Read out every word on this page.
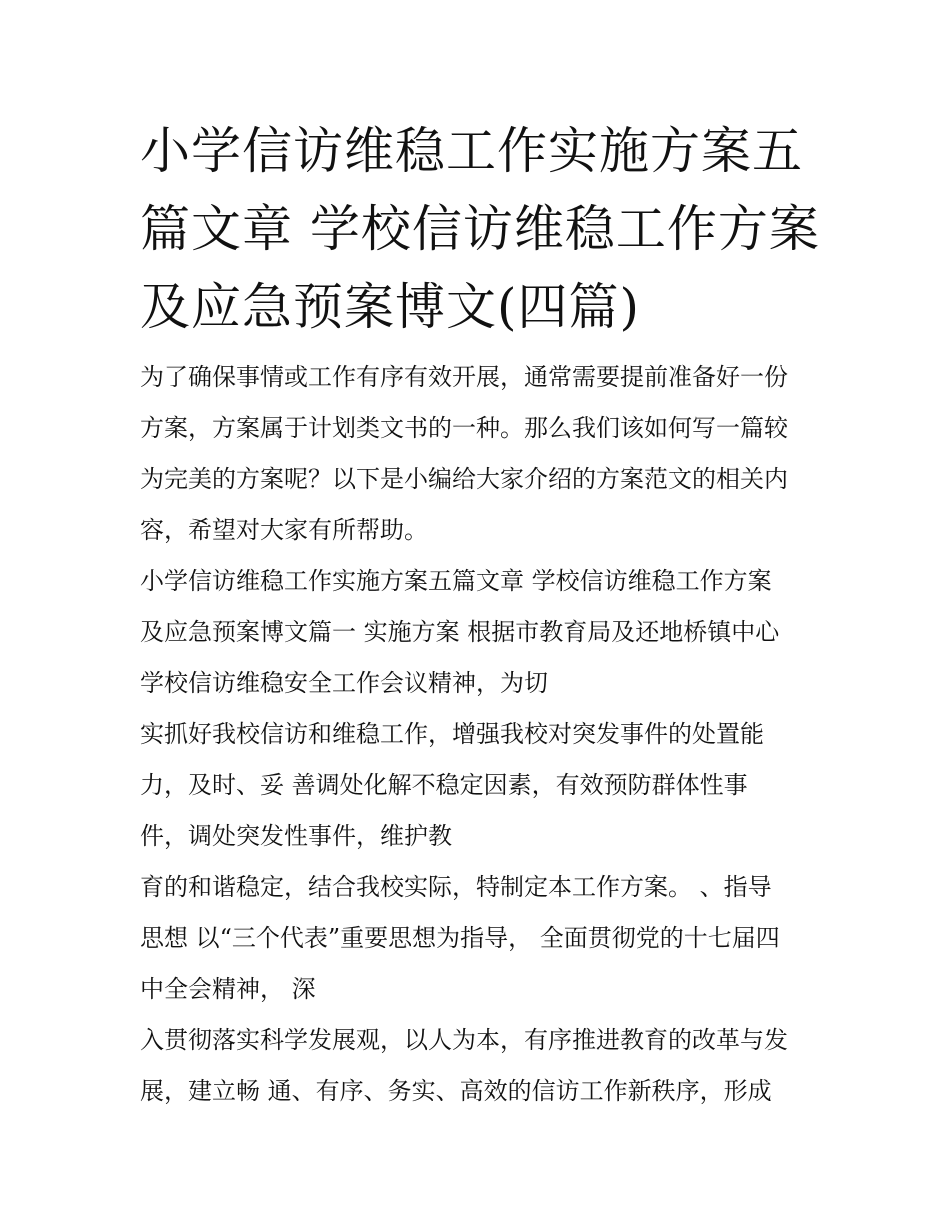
小学信访维稳工作实施方案五
篇文章 学校信访维稳工作方案
及应急预案博文(四篇)
为了确保事情或工作有序有效开展，通常需要提前准备好一份
方案，方案属于计划类文书的一种。那么我们该如何写一篇较
为完美的方案呢？以下是小编给大家介绍的方案范文的相关内
容，希望对大家有所帮助。
小学信访维稳工作实施方案五篇文章 学校信访维稳工作方案
及应急预案博文篇一 实施方案 根据市教育局及还地桥镇中心
学校信访维稳安全工作会议精神，为切
实抓好我校信访和维稳工作，增强我校对突发事件的处置能
力，及时、妥 善调处化解不稳定因素，有效预防群体性事
件，调处突发性事件，维护教
育的和谐稳定，结合我校实际，特制定本工作方案。 、指导
思想 以“三个代表”重要思想为指导， 全面贯彻党的十七届四
中全会精神， 深
入贯彻落实科学发展观，以人为本，有序推进教育的改革与发
展，建立畅 通、有序、务实、高效的信访工作新秩序，形成
